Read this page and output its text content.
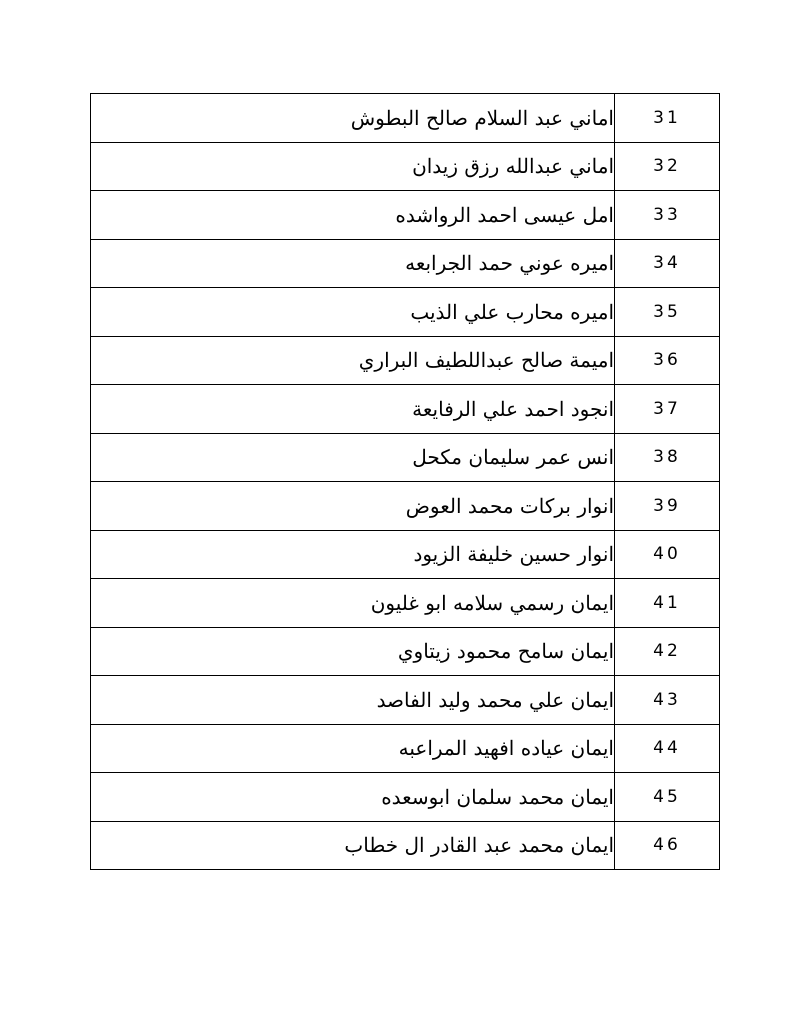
اماني عبد السلام صالح البطوش	31
اماني عبدالله رزق زيدان	32
امل عيسى احمد الرواشده	33
اميره عوني حمد الجرابعه	34
اميره محارب علي الذيب	35
اميمة صالح عبداللطيف البراري	36
انجود احمد علي الرفايعة	37
انس عمر سليمان مكحل	38
انوار بركات محمد العوض	39
انوار حسين خليفة الزيود	40
ايمان رسمي سلامه ابو غليون	41
ايمان سامح محمود زيتاوي	42
ايمان علي محمد وليد الفاصد	43
ايمان عياده افهيد المراعبه	44
ايمان محمد سلمان ابوسعده	45
ايمان محمد عبد القادر ال خطاب	46
